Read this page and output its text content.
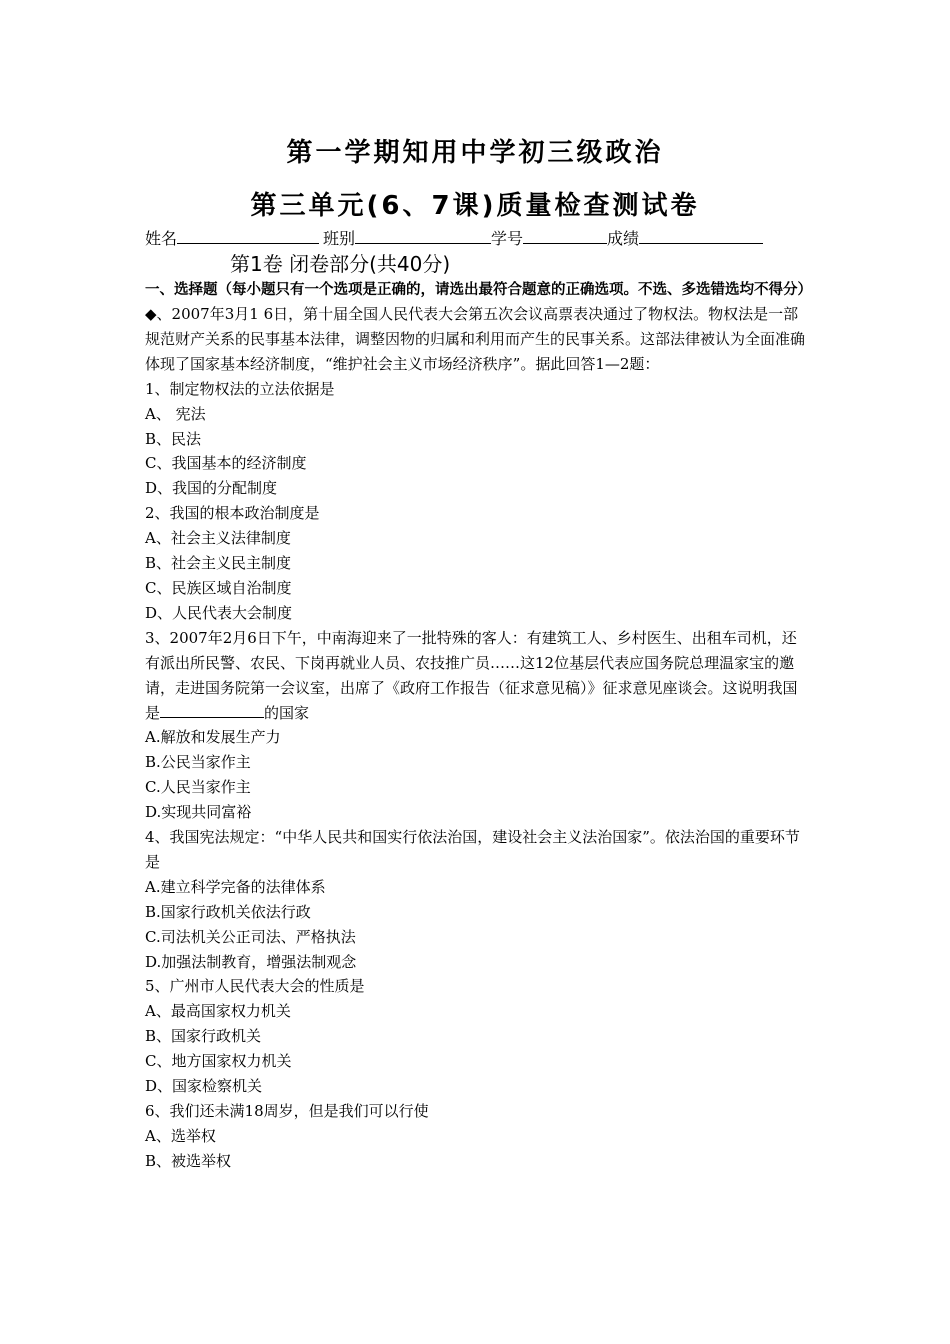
第一学期知用中学初三级政治
第三单元(6、7课)质量检查测试卷
姓名	班别	学号	成绩
第1卷 闭卷部分(共40分)

一、选择题（每小题只有一个选项是正确的，请选出最符合题意的正确选项。不选、多选错选均不得分）

◆、2007年3月1 6日，第十届全国人民代表大会第五次会议高票表决通过了物权法。物权法是一部规范财产关系的民事基本法律，调整因物的归属和利用而产生的民事关系。这部法律被认为全面准确体现了国家基本经济制度，“维护社会主义市场经济秩序”。据此回答1—2题：

1、制定物权法的立法依据是

A、 宪法

B、民法

C、我国基本的经济制度

D、我国的分配制度

2、我国的根本政治制度是

A、社会主义法律制度

B、社会主义民主制度

C、民族区域自治制度

D、人民代表大会制度

3、2007年2月6日下午，中南海迎来了一批特殊的客人：有建筑工人、乡村医生、出租车司机，还有派出所民警、农民、下岗再就业人员、农技推广员……这12位基层代表应国务院总理温家宝的邀请，走进国务院第一会议室，出席了《政府工作报告（征求意见稿）》征求意见座谈会。这说明我国是	的国家

A.解放和发展生产力

B.公民当家作主

C.人民当家作主

D.实现共同富裕

4、我国宪法规定：“中华人民共和国实行依法治国，建设社会主义法治国家”。依法治国的重要环节是

A.建立科学完备的法律体系

B.国家行政机关依法行政

C.司法机关公正司法、严格执法

D.加强法制教育，增强法制观念

5、广州市人民代表大会的性质是

A、最高国家权力机关

B、国家行政机关

C、地方国家权力机关

D、国家检察机关

6、我们还未满18周岁，但是我们可以行使

A、选举权

B、被选举权
